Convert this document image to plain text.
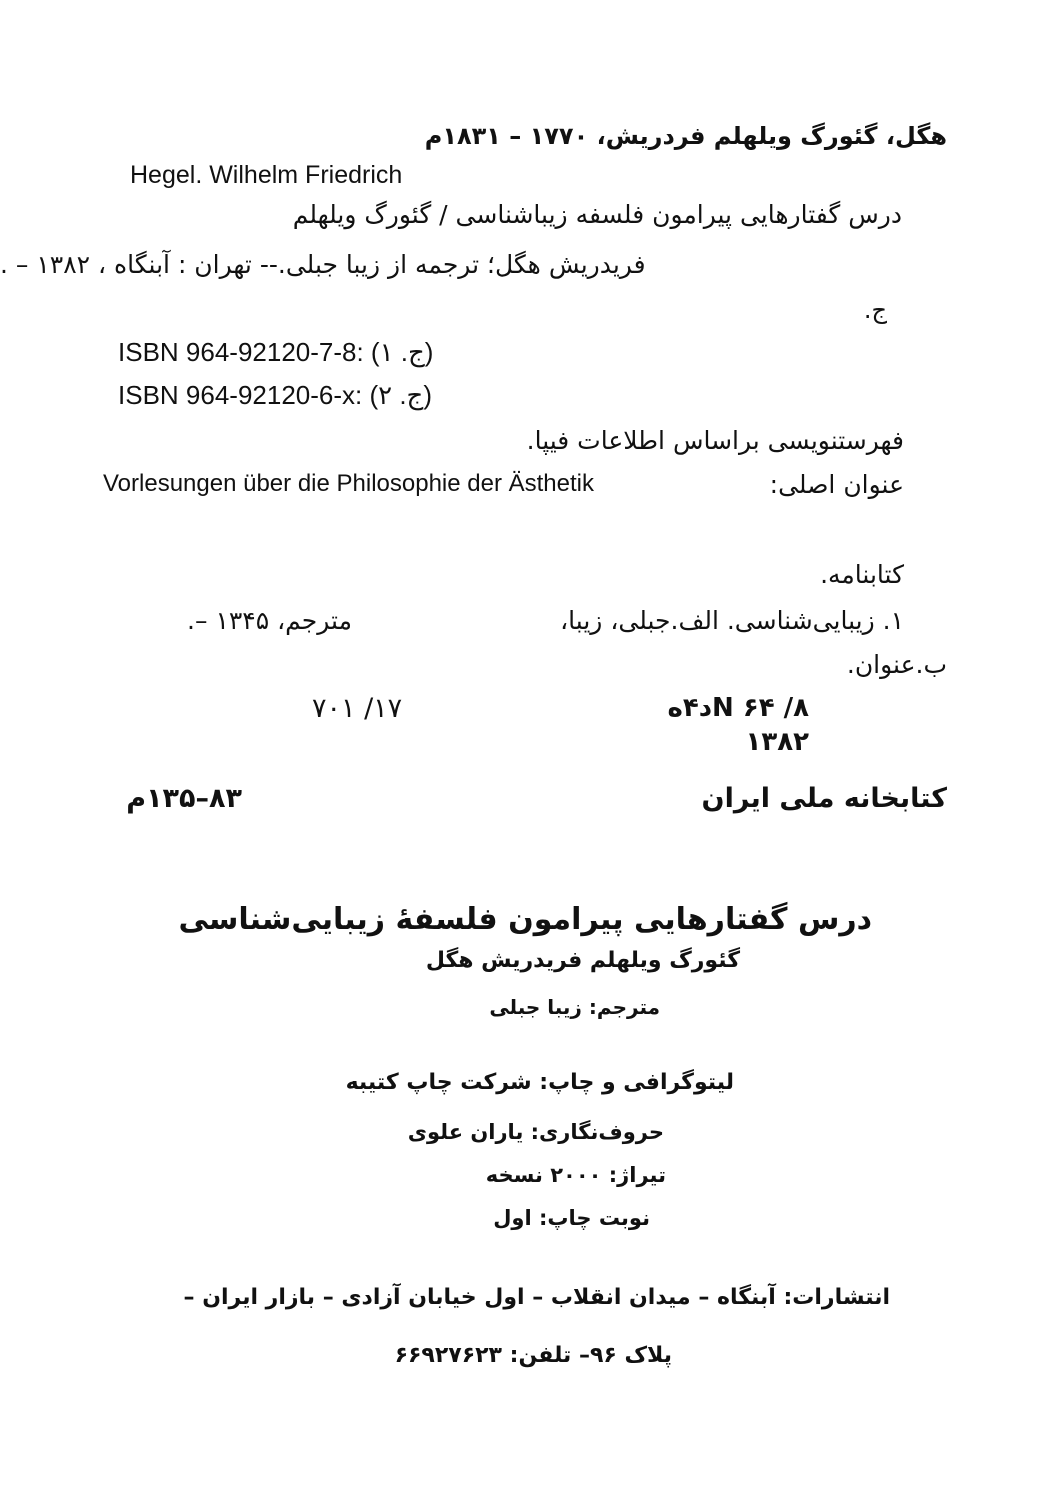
هگل، گئورگ ویلهلم فردریش، ۱۷۷۰ – ۱۸۳۱م
Hegel. Wilhelm Friedrich
درس گفتارهایی پیرامون فلسفه زیباشناسی / گئورگ ویلهلم
فریدریش هگل؛ ترجمه از زیبا جبلی.-- تهران : آبنگاه ، ۱۳۸۲ – .
ج.
ISBN 964-92120-7-8: (ج. ۱)
ISBN 964-92120-6-x: (ج. ۲)
فهرستنویسی براساس اطلاعات فیپا.
عنوان اصلی:
Vorlesungen über die Philosophie der Ästhetik
کتابنامه.
۱. زیبایی‌شناسی. الف.جبلی، زیبا،
مترجم، ۱۳۴۵ –.
ب.عنوان.
۷۰۱ /۱۷	N ۶۴ /۸د۴ه
۱۳۸۲
کتابخانه ملی ایران
۸۳–۱۳۵م
درس گفتارهایی پیرامون فلسفهٔ زیبایی‌شناسی
گئورگ ویلهلم فریدریش هگل
مترجم: زیبا جبلی
لیتوگرافی و چاپ: شرکت چاپ کتیبه
حروف‌نگاری: یاران علوی
تیراژ: ۲۰۰۰ نسخه
نوبت چاپ: اول
انتشارات: آبنگاه – میدان انقلاب – اول خیابان آزادی – بازار ایران –
پلاک ۹۶– تلفن: ۶۶۹۲۷۶۲۳
